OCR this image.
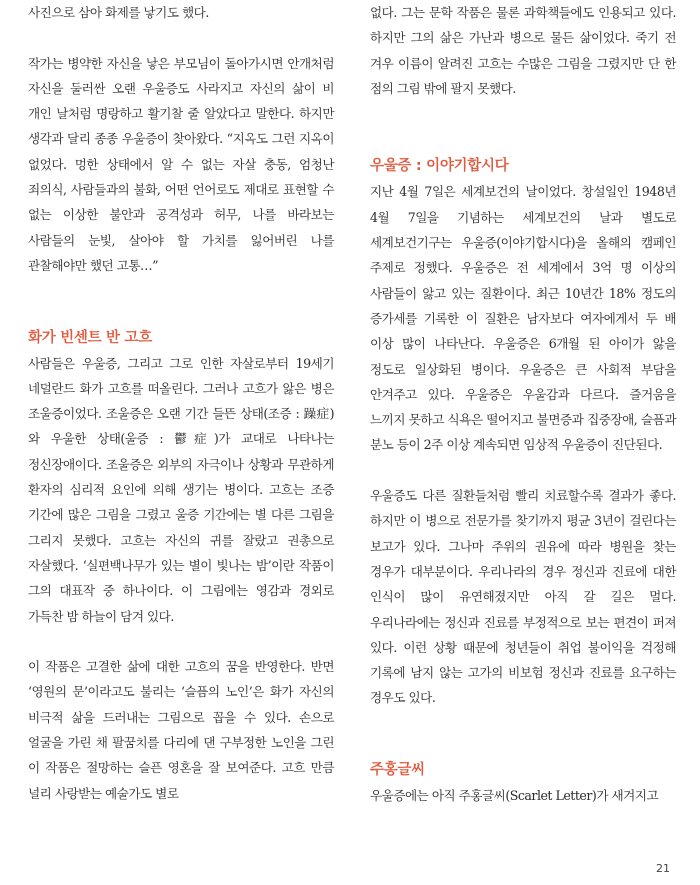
사진으로 삼아 화제를 낳기도 했다.

작가는 병약한 자신을 낳은 부모님이 돌아가시면 안개처럼 자신을 둘러싼 오랜 우울증도 사라지고 자신의 삶이 비 개인 날처럼 명랑하고 활기찰 줄 알았다고 말한다. 하지만 생각과 달리 종종 우울증이 찾아왔다. “지옥도 그런 지옥이 없었다. 멍한 상태에서 알 수 없는 자살 충동, 엄청난 죄의식, 사람들과의 불화, 어떤 언어로도 제대로 표현할 수 없는 이상한 불안과 공격성과 허무, 나를 바라보는 사람들의 눈빛, 살아야 할 가치를 잃어버린 나를 관찰해야만 했던 고통…”

화가 빈센트 반 고흐

사람들은 우울증, 그리고 그로 인한 자살로부터 19세기 네덜란드 화가 고흐를 떠올린다. 그러나 고흐가 앓은 병은 조울증이었다. 조울증은 오랜 기간 들뜬 상태(조증 : 躁症)와 우울한 상태(울증 : 鬱症)가 교대로 나타나는 정신장애이다. 조울증은 외부의 자극이나 상황과 무관하게 환자의 심리적 요인에 의해 생기는 병이다. 고흐는 조증 기간에 많은 그림을 그렸고 울증 기간에는 별 다른 그림을 그리지 못했다. 고흐는 자신의 귀를 잘랐고 권총으로 자살했다. ‘실편백나무가 있는 별이 빛나는 밤’이란 작품이 그의 대표작 중 하나이다. 이 그림에는 영감과 경외로 가득찬 밤 하늘이 담겨 있다.

이 작품은 고결한 삶에 대한 고흐의 꿈을 반영한다. 반면 ‘영원의 문’이라고도 불리는 ‘슬픔의 노인’은 화가 자신의 비극적 삶을 드러내는 그림으로 꼽을 수 있다. 손으로 얼굴을 가린 채 팔꿈치를 다리에 댄 구부정한 노인을 그린 이 작품은 절망하는 슬픈 영혼을 잘 보여준다. 고흐 만큼 널리 사랑받는 예술가도 별로

없다. 그는 문학 작품은 물론 과학책들에도 인용되고 있다. 하지만 그의 삶은 가난과 병으로 물든 삶이었다. 죽기 전 겨우 이름이 알려진 고흐는 수많은 그림을 그렸지만 단 한 점의 그림 밖에 팔지 못했다.

우울증 : 이야기합시다

지난 4월 7일은 세계보건의 날이었다. 창설일인 1948년 4월 7일을 기념하는 세계보건의 날과 별도로 세계보건기구는 우울증(이야기합시다)을 올해의 캠페인 주제로 정했다. 우울증은 전 세계에서 3억 명 이상의 사람들이 앓고 있는 질환이다. 최근 10년간 18% 정도의 증가세를 기록한 이 질환은 남자보다 여자에게서 두 배 이상 많이 나타난다. 우울증은 6개월 된 아이가 앓을 정도로 일상화된 병이다. 우울증은 큰 사회적 부담을 안겨주고 있다. 우울증은 우울감과 다르다. 즐거움을 느끼지 못하고 식욕은 떨어지고 불면증과 집중장애, 슬픔과 분노 등이 2주 이상 계속되면 임상적 우울증이 진단된다.

우울증도 다른 질환들처럼 빨리 치료할수록 결과가 좋다. 하지만 이 병으로 전문가를 찾기까지 평균 3년이 걸린다는 보고가 있다. 그나마 주위의 권유에 따라 병원을 찾는 경우가 대부분이다. 우리나라의 경우 정신과 진료에 대한 인식이 많이 유연해졌지만 아직 갈 길은 멀다. 우리나라에는 정신과 진료를 부정적으로 보는 편견이 퍼져 있다. 이런 상황 때문에 청년들이 취업 불이익을 걱정해 기록에 남지 않는 고가의 비보험 정신과 진료를 요구하는 경우도 있다.

주홍글씨

우울증에는 아직 주홍글씨(Scarlet Letter)가 새겨지고

21
